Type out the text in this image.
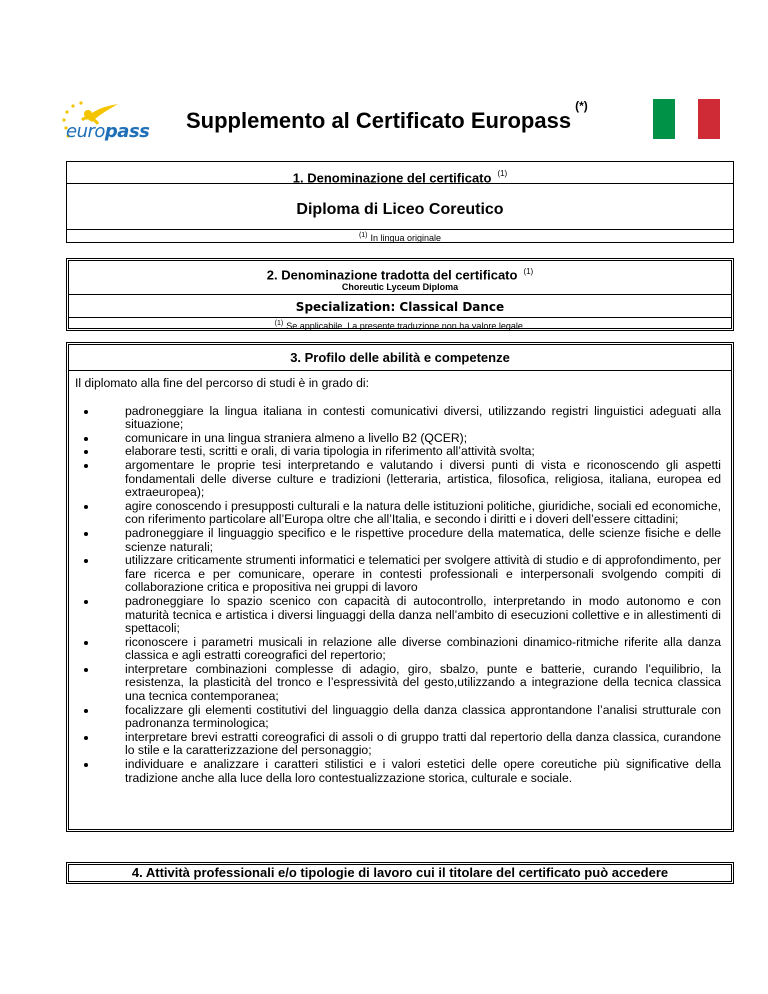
europass Supplemento al Certificato Europass(*)
1. Denominazione del certificato $^{(1)}$
Diploma di Liceo Coreutico
$^{(1)}$ In lingua originale
2. Denominazione tradotta del certificato $^{(1)}$
Choreutic Lyceum Diploma
Specialization: Classical Dance
$^{(1)}$ Se applicabile. La presente traduzione non ha valore legale.
3. Profilo delle abilità e competenze

Il diplomato alla fine del percorso di studi è in grado di:

padroneggiare la lingua italiana in contesti comunicativi diversi, utilizzando registri linguistici adeguati alla situazione;
comunicare in una lingua straniera almeno a livello B2 (QCER);
elaborare testi, scritti e orali, di varia tipologia in riferimento all’attività svolta;
argomentare le proprie tesi interpretando e valutando i diversi punti di vista e riconoscendo gli aspetti fondamentali delle diverse culture e tradizioni (letteraria, artistica, filosofica, religiosa, italiana, europea ed extraeuropea);
agire conoscendo i presupposti culturali e la natura delle istituzioni politiche, giuridiche, sociali ed economiche, con riferimento particolare all’Europa oltre che all’Italia, e secondo i diritti e i doveri dell’essere cittadini;
padroneggiare il linguaggio specifico e le rispettive procedure della matematica, delle scienze fisiche e delle scienze naturali;
utilizzare criticamente strumenti informatici e telematici per svolgere attività di studio e di approfondimento, per fare ricerca e per comunicare, operare in contesti professionali e interpersonali svolgendo compiti di collaborazione critica e propositiva nei gruppi di lavoro
padroneggiare lo spazio scenico con capacità di autocontrollo, interpretando in modo autonomo e con maturità tecnica e artistica i diversi linguaggi della danza nell’ambito di esecuzioni collettive e in allestimenti di spettacoli;
riconoscere i parametri musicali in relazione alle diverse combinazioni dinamico-ritmiche riferite alla danza classica e agli estratti coreografici del repertorio;
interpretare combinazioni complesse di adagio, giro, sbalzo, punte e batterie, curando l’equilibrio, la resistenza, la plasticità del tronco e l’espressività del gesto,utilizzando a integrazione della tecnica classica una tecnica contemporanea;
focalizzare gli elementi costitutivi del linguaggio della danza classica approntandone l’analisi strutturale con padronanza terminologica;
interpretare brevi estratti coreografici di assoli o di gruppo tratti dal repertorio della danza classica, curandone lo stile e la caratterizzazione del personaggio;
individuare e analizzare i caratteri stilistici e i valori estetici delle opere coreutiche più significative della tradizione anche alla luce della loro contestualizzazione storica, culturale e sociale.
4. Attività professionali e/o tipologie di lavoro cui il titolare del certificato può accedere
